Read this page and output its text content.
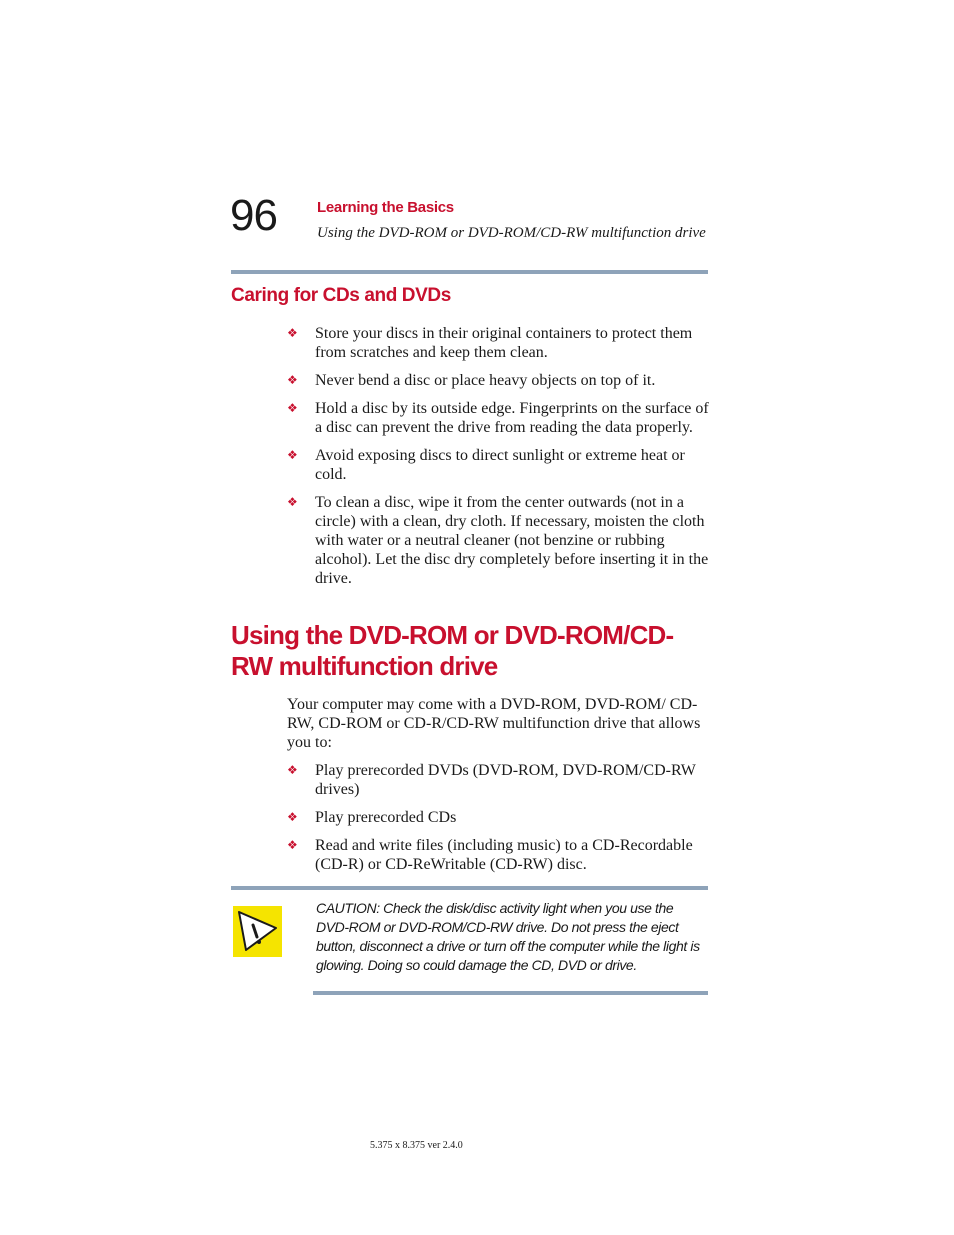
96	Learning the Basics
Using the DVD-ROM or DVD-ROM/CD-RW multifunction drive
Caring for CDs and DVDs
❖ Store your discs in their original containers to protect them from scratches and keep them clean.
❖ Never bend a disc or place heavy objects on top of it.
❖ Hold a disc by its outside edge. Fingerprints on the surface of a disc can prevent the drive from reading the data properly.
❖ Avoid exposing discs to direct sunlight or extreme heat or cold.
❖ To clean a disc, wipe it from the center outwards (not in a circle) with a clean, dry cloth. If necessary, moisten the cloth with water or a neutral cleaner (not benzine or rubbing alcohol). Let the disc dry completely before inserting it in the drive.
Using the DVD-ROM or DVD-ROM/CD-RW multifunction drive

Your computer may come with a DVD-ROM, DVD-ROM/ CD-RW, CD-ROM or CD-R/CD-RW multifunction drive that allows you to:

❖ Play prerecorded DVDs (DVD-ROM, DVD-ROM/CD-RW drives)
❖ Play prerecorded CDs
❖ Read and write files (including music) to a CD-Recordable (CD-R) or CD-ReWritable (CD-RW) disc.
CAUTION: Check the disk/disc activity light when you use the DVD-ROM or DVD-ROM/CD-RW drive. Do not press the eject button, disconnect a drive or turn off the computer while the light is glowing. Doing so could damage the CD, DVD or drive.
5.375 x 8.375 ver 2.4.0
